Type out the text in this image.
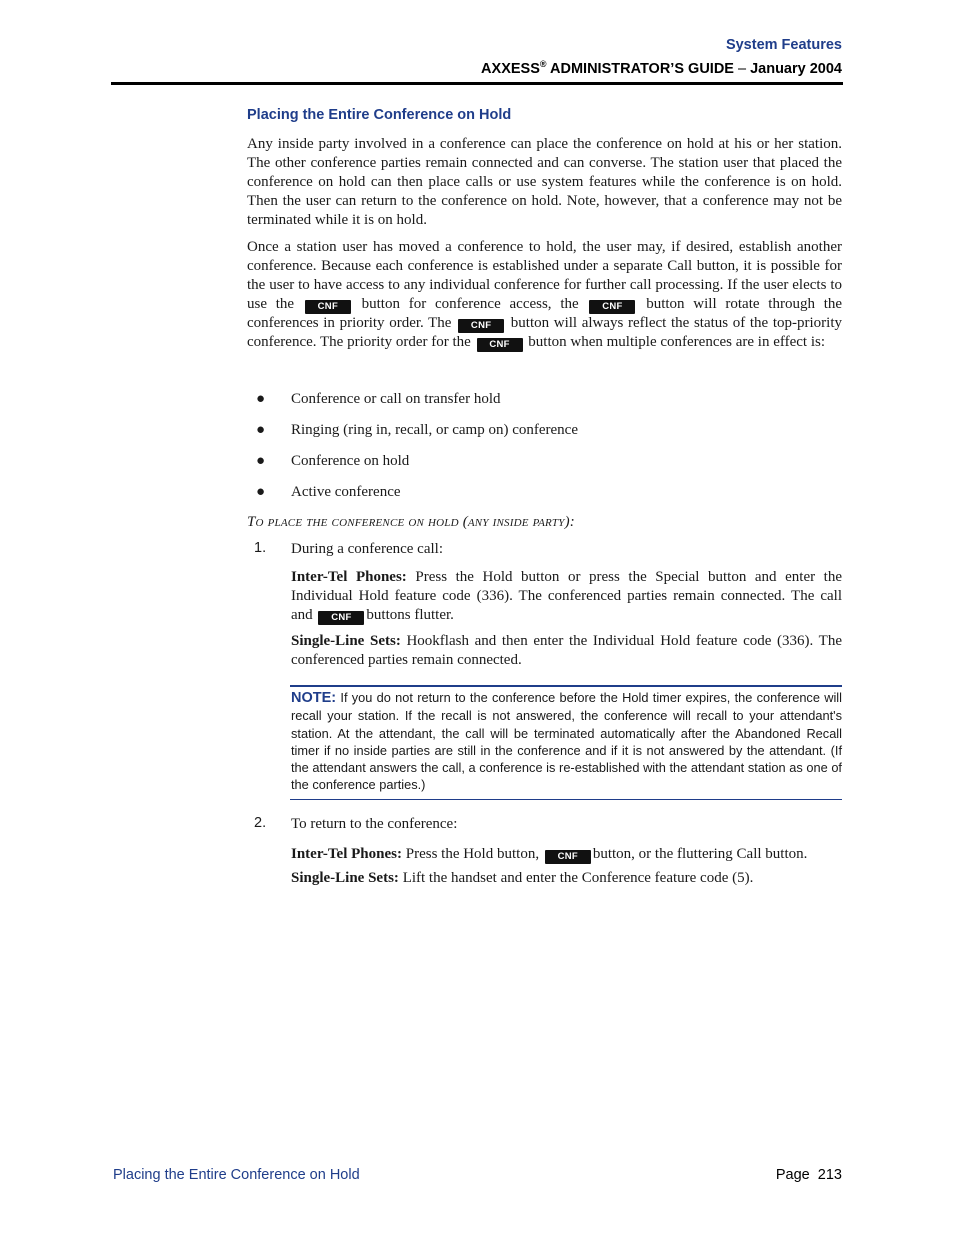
System Features
AXXESS® ADMINISTRATOR’S GUIDE – January 2004
Placing the Entire Conference on Hold
Any inside party involved in a conference can place the conference on hold at his or her station. The other conference parties remain connected and can converse. The station user that placed the conference on hold can then place calls or use system features while the conference is on hold. Then the user can return to the conference on hold. Note, however, that a conference may not be terminated while it is on hold.
Once a station user has moved a conference to hold, the user may, if desired, establish another conference. Because each conference is established under a separate Call button, it is possible for the user to have access to any individual conference for further call processing. If the user elects to use the CNF button for conference access, the CNF button will rotate through the conferences in priority order. The CNF button will always reflect the status of the top-priority conference. The priority order for the CNF button when multiple conferences are in effect is:
● Conference or call on transfer hold
● Ringing (ring in, recall, or camp on) conference
● Conference on hold
● Active conference
To place the conference on hold (any inside party):
1. During a conference call:
Inter-Tel Phones: Press the Hold button or press the Special button and enter the Individual Hold feature code (336). The conferenced parties remain connected. The call and CNF buttons flutter.
Single-Line Sets: Hookflash and then enter the Individual Hold feature code (336). The conferenced parties remain connected.
NOTE: If you do not return to the conference before the Hold timer expires, the conference will recall your station. If the recall is not answered, the conference will recall to your attendant's station. At the attendant, the call will be terminated automatically after the Abandoned Recall timer if no inside parties are still in the conference and if it is not answered by the attendant. (If the attendant answers the call, a conference is re-established with the attendant station as one of the conference parties.)
2. To return to the conference:
Inter-Tel Phones: Press the Hold button, CNF button, or the fluttering Call button.
Single-Line Sets: Lift the handset and enter the Conference feature code (5).
Placing the Entire Conference on Hold	Page 213
